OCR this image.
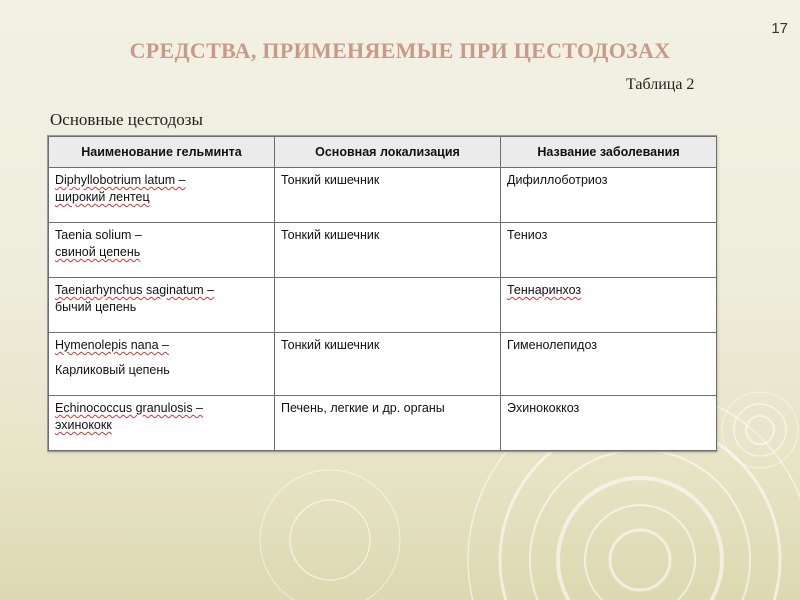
17
СРЕДСТВА, ПРИМЕНЯЕМЫЕ ПРИ ЦЕСТОДОЗАХ
Таблица 2
Основные цестодозы
Наименование гельминта	Основная локализация	Название заболевания

Diphyllobotrium latum –
широкий лентец	Тонкий кишечник	Дифиллоботриоз

Taenia solium –
свиной цепень	Тонкий кишечник	Тениоз

Taeniarhynchus saginatum –
бычий цепень		Теннаринхоз

Hymenolepis nana –
Карликовый цепень	Тонкий кишечник	Гименолепидоз

Echinococcus granulosis –
эхинококк	Печень, легкие и др. органы	Эхинококкоз
